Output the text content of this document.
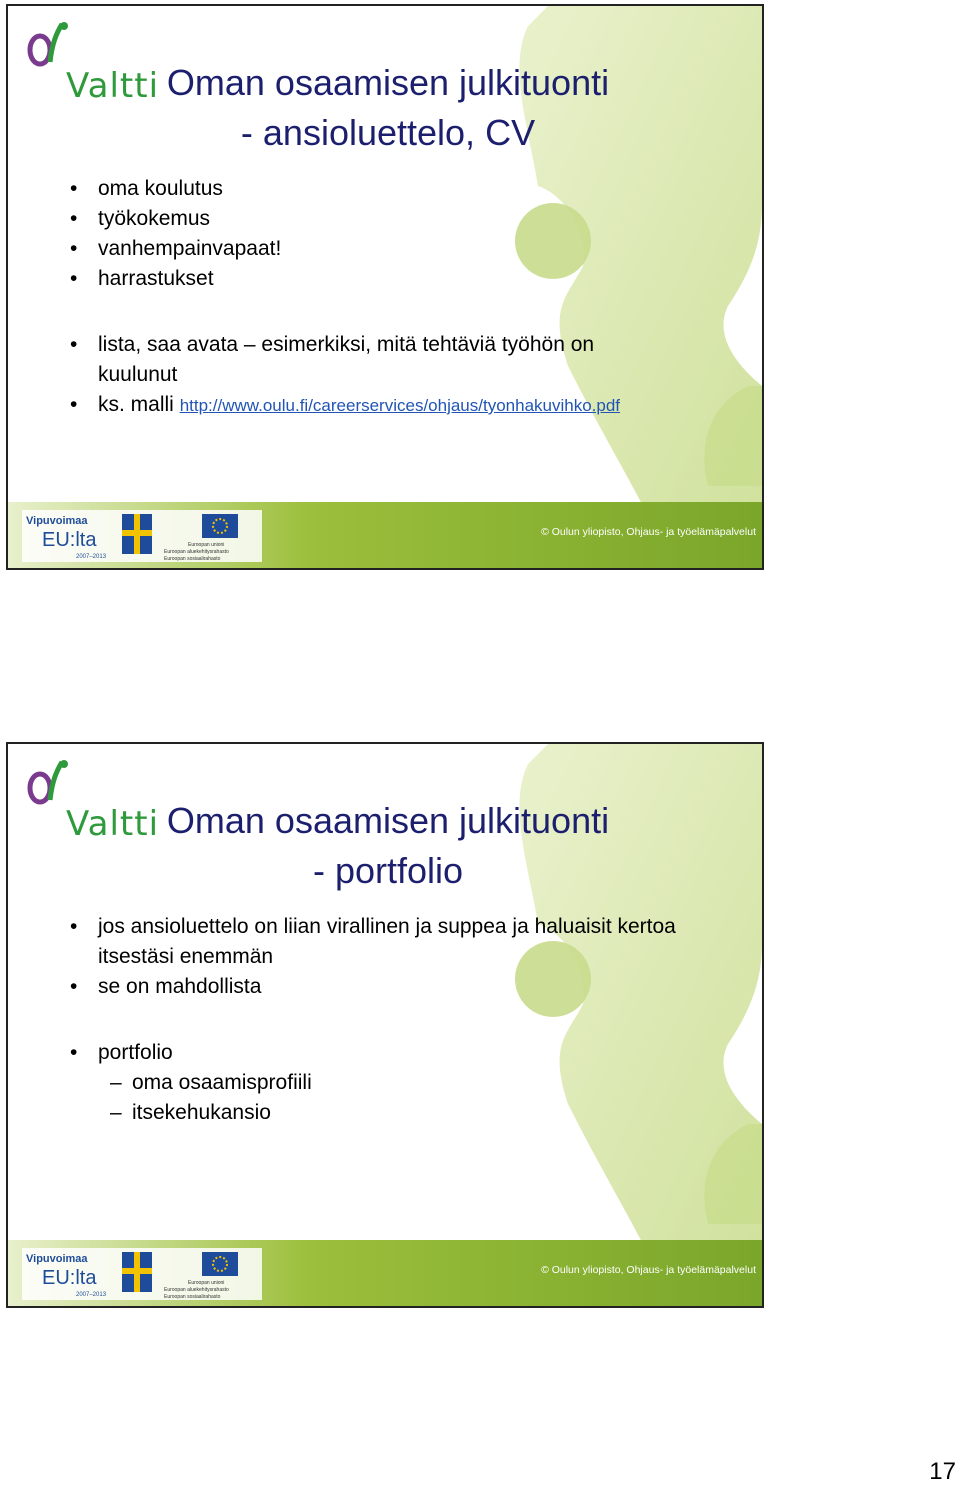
Valtti Oman osaamisen julkituonti
- ansioluettelo, CV
• oma koulutus
• työkokemus
• vanhempainvapaat!
• harrastukset
• lista, saa avata – esimerkiksi, mitä tehtäviä työhön on kuulunut
• ks. malli http://www.oulu.fi/careerservices/ohjaus/tyonhakuvihko.pdf
Vipuvoimaa
EU:lta
2007–2013
Euroopan unioni
Euroopan aluekehitysrahasto
Euroopan sosiaalirahasto
© Oulun yliopisto, Ohjaus- ja työelämäpalvelut
Valtti Oman osaamisen julkituonti
- portfolio
• jos ansioluettelo on liian virallinen ja suppea ja haluaisit kertoa itsestäsi enemmän
• se on mahdollista
• portfolio
– oma osaamisprofiili
– itsekehukansio
Vipuvoimaa
EU:lta
2007–2013
Euroopan unioni
Euroopan aluekehitysrahasto
Euroopan sosiaalirahasto
© Oulun yliopisto, Ohjaus- ja työelämäpalvelut
17
